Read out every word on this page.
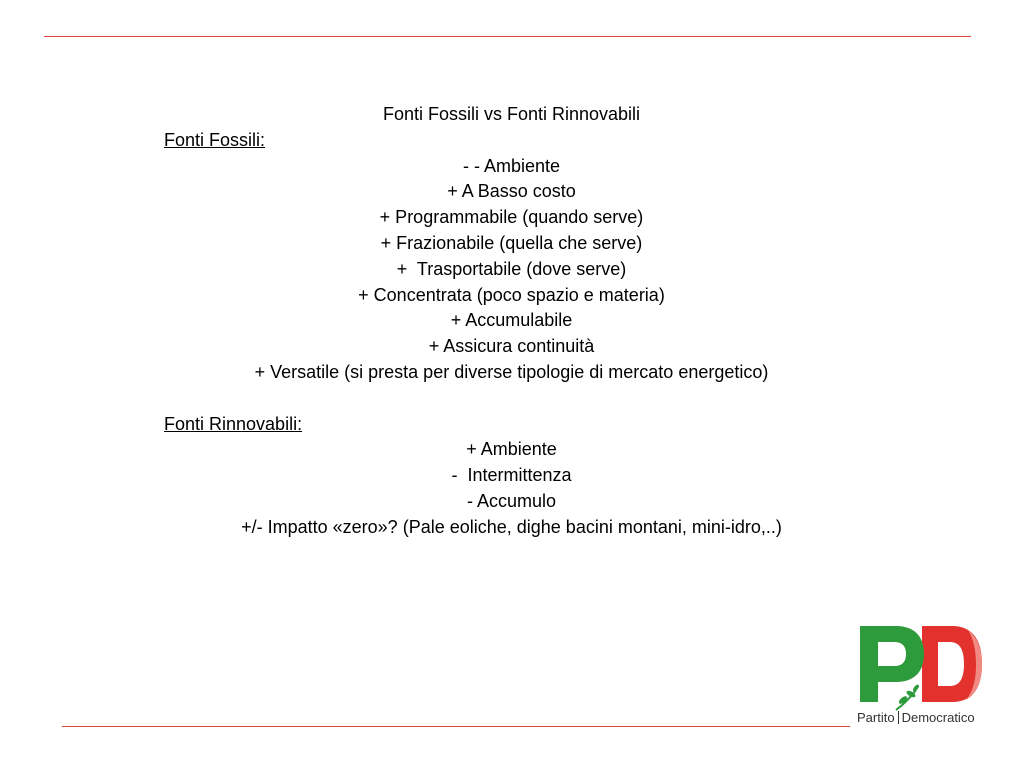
Fonti Fossili vs Fonti Rinnovabili
Fonti Fossili:
- - Ambiente
+ A Basso costo
+ Programmabile (quando serve)
+ Frazionabile (quella che serve)
+  Trasportabile (dove serve)
+ Concentrata (poco spazio e materia)
+ Accumulabile
+ Assicura continuità
+ Versatile (si presta per diverse tipologie di mercato energetico)
Fonti Rinnovabili:
+ Ambiente
-  Intermittenza
- Accumulo
+/- Impatto «zero»? (Pale eoliche, dighe bacini montani, mini-idro,..)
Partito Democratico
